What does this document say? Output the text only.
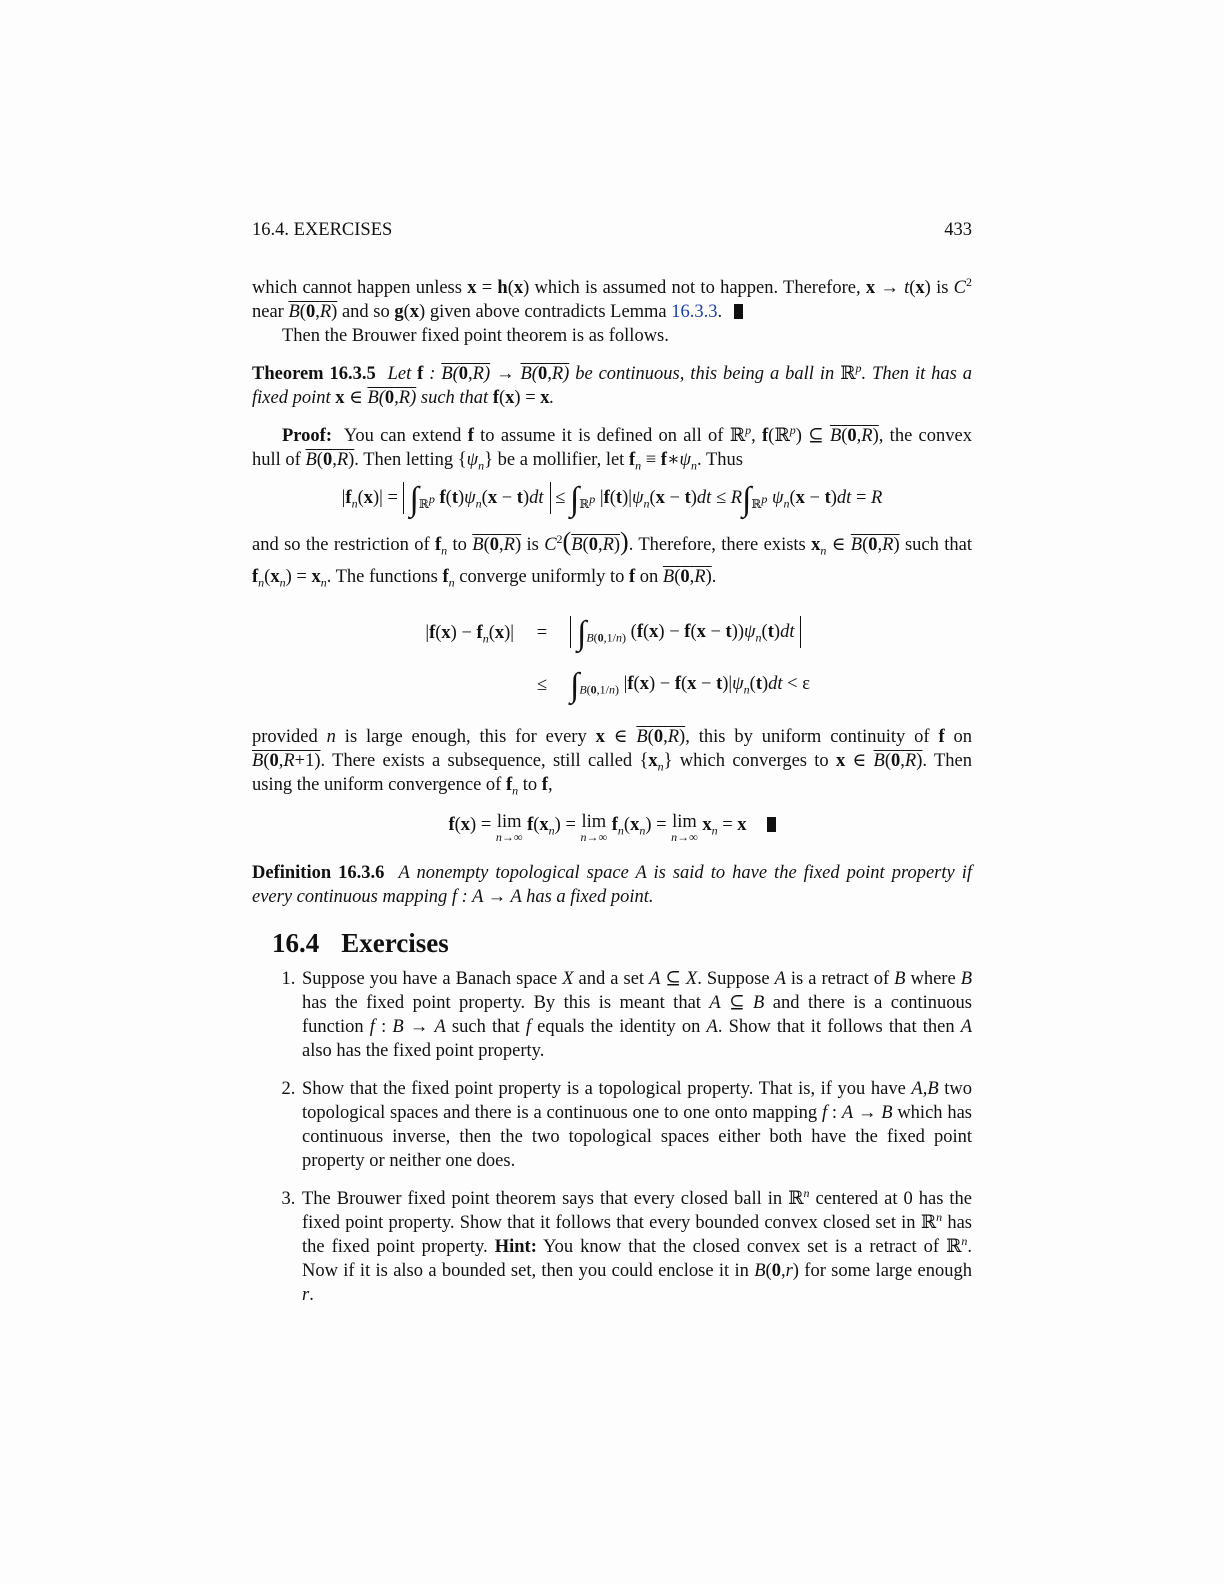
16.4. EXERCISES	433

which cannot happen unless x = h(x) which is assumed not to happen. Therefore, x → t(x) is $C^2$ near B(0,R) and so g(x) given above contradicts Lemma 16.3.3.

Then the Brouwer fixed point theorem is as follows.

Theorem 16.3.5 Let f : B(0,R) → B(0,R) be continuous, this being a ball in ℝ$^p$. Then it has a fixed point x ∈ B(0,R) such that f(x) = x.

Proof: You can extend f to assume it is defined on all of ℝ$^p$, f(ℝ$^p$) ⊆ B(0,R), the convex hull of B(0,R). Then letting $\{\psi_n\}$ be a mollifier, let $f_n$ ≡ $f∗\psi_n$. Thus

$|f_n(x)| = \int_{ℝ^p}$ $f(t)\psi_n(x - t)dt \le \int_{ℝ^p}$ $|f(t)|\psi_n(x - t)dt \le R\int_{ℝ^p}$ $\psi_n(x - t)dt = R$

and so the restriction of $f_n$ to B(0,R) is $C^2(B(0,R))$. Therefore, there exists $x_n$ ∈ B(0,R) such that $f_n(x_n) = x_n$. The functions $f_n$ converge uniformly to f on B(0,R).

$|f(x) - f_n(x)|$	= $\int_{B(0,1/n)}$ $(f(x) - f(x - t))\psi_n(t)dt$
≤ $\int_{B(0,1/n)}$ $|f(x) - f(x - t)|\psi_n(t)dt < \varepsilon$

provided n is large enough, this for every x ∈ B(0,R), this by uniform continuity of f on B(0,R+1). There exists a subsequence, still called $\{x_n\}$ which converges to x ∈ B(0,R). Then using the uniform convergence of $f_n$ to f,

f(x) = lim
n→∞
$f(x_n) = \lim$
n→∞
$f_n(x_n) = \lim$
n→∞
$x_n = x$

Definition 16.3.6 A nonempty topological space A is said to have the fixed point property if every continuous mapping f : A → A has a fixed point.

16.4 Exercises
1. Suppose you have a Banach space X and a set A ⊆ X. Suppose A is a retract of B where B has the fixed point property. By this is meant that A ⊆ B and there is a continuous function f : B → A such that f equals the identity on A. Show that it follows that then A also has the fixed point property.
2. Show that the fixed point property is a topological property. That is, if you have A,B two topological spaces and there is a continuous one to one onto mapping f : A → B which has continuous inverse, then the two topological spaces either both have the fixed point property or neither one does.
3. The Brouwer fixed point theorem says that every closed ball in ℝ$^n$ centered at 0 has the fixed point property. Show that it follows that every bounded convex closed set in ℝ$^n$ has the fixed point property. Hint: You know that the closed convex set is a retract of ℝ$^n$. Now if it is also a bounded set, then you could enclose it in B(0,r) for some large enough r.
